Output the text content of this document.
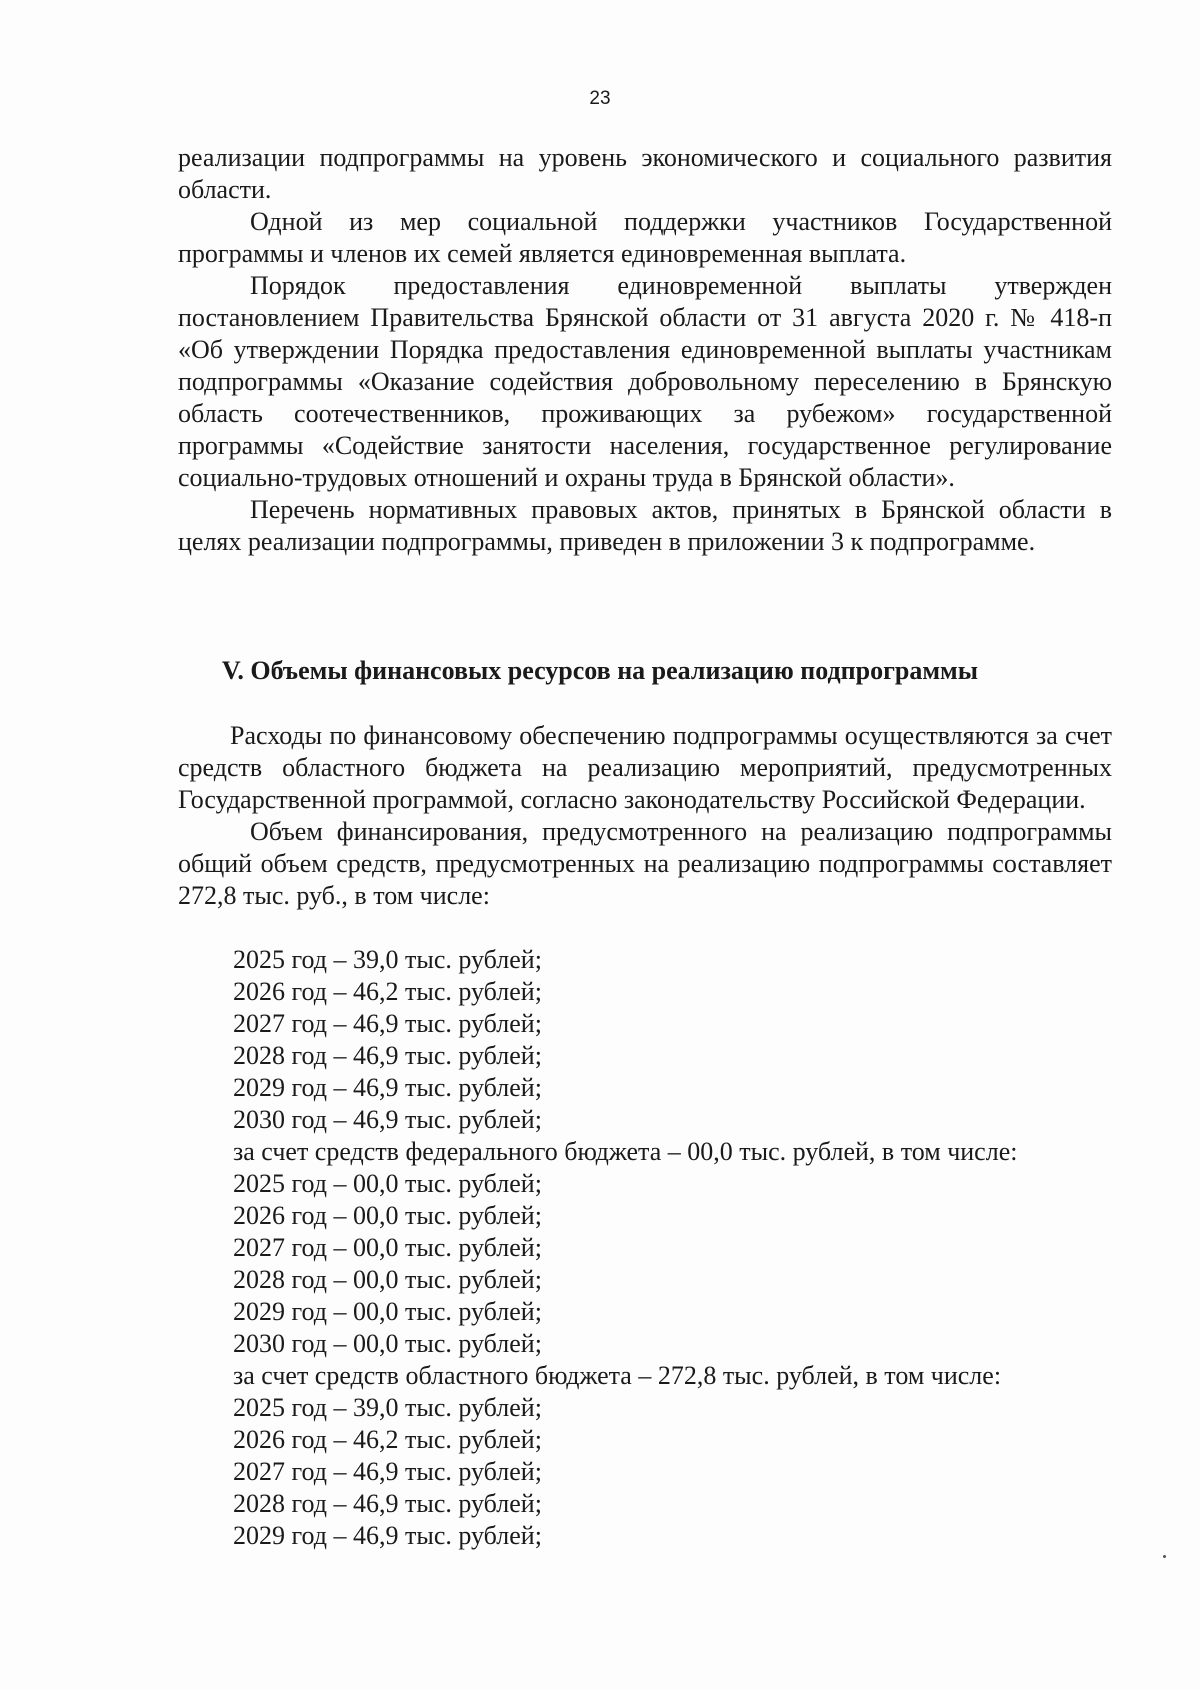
23

реализации подпрограммы на уровень экономического и социального развития области.

Одной из мер социальной поддержки участников Государственной программы и членов их семей является единовременная выплата.

Порядок предоставления единовременной выплаты утвержден постановлением Правительства Брянской области от 31 августа 2020 г. № 418-п «Об утверждении Порядка предоставления единовременной выплаты участникам подпрограммы «Оказание содействия добровольному переселению в Брянскую область соотечественников, проживающих за рубежом» государственной программы «Содействие занятости населения, государственное регулирование социально-трудовых отношений и охраны труда в Брянской области».

Перечень нормативных правовых актов, принятых в Брянской области в целях реализации подпрограммы, приведен в приложении 3 к подпрограмме.

V. Объемы финансовых ресурсов на реализацию подпрограммы

Расходы по финансовому обеспечению подпрограммы осуществляются за счет средств областного бюджета на реализацию мероприятий, предусмотренных Государственной программой, согласно законодательству Российской Федерации.

Объем финансирования, предусмотренного на реализацию подпрограммы общий объем средств, предусмотренных на реализацию подпрограммы составляет 272,8 тыс. руб., в том числе:

2025 год – 39,0 тыс. рублей;
2026 год – 46,2 тыс. рублей;
2027 год – 46,9 тыс. рублей;
2028 год – 46,9 тыс. рублей;
2029 год – 46,9 тыс. рублей;
2030 год – 46,9 тыс. рублей;
за счет средств федерального бюджета – 00,0 тыс. рублей, в том числе:
2025 год – 00,0 тыс. рублей;
2026 год – 00,0 тыс. рублей;
2027 год – 00,0 тыс. рублей;
2028 год – 00,0 тыс. рублей;
2029 год – 00,0 тыс. рублей;
2030 год – 00,0 тыс. рублей;
за счет средств областного бюджета – 272,8 тыс. рублей, в том числе:
2025 год – 39,0 тыс. рублей;
2026 год – 46,2 тыс. рублей;
2027 год – 46,9 тыс. рублей;
2028 год – 46,9 тыс. рублей;
2029 год – 46,9 тыс. рублей;
